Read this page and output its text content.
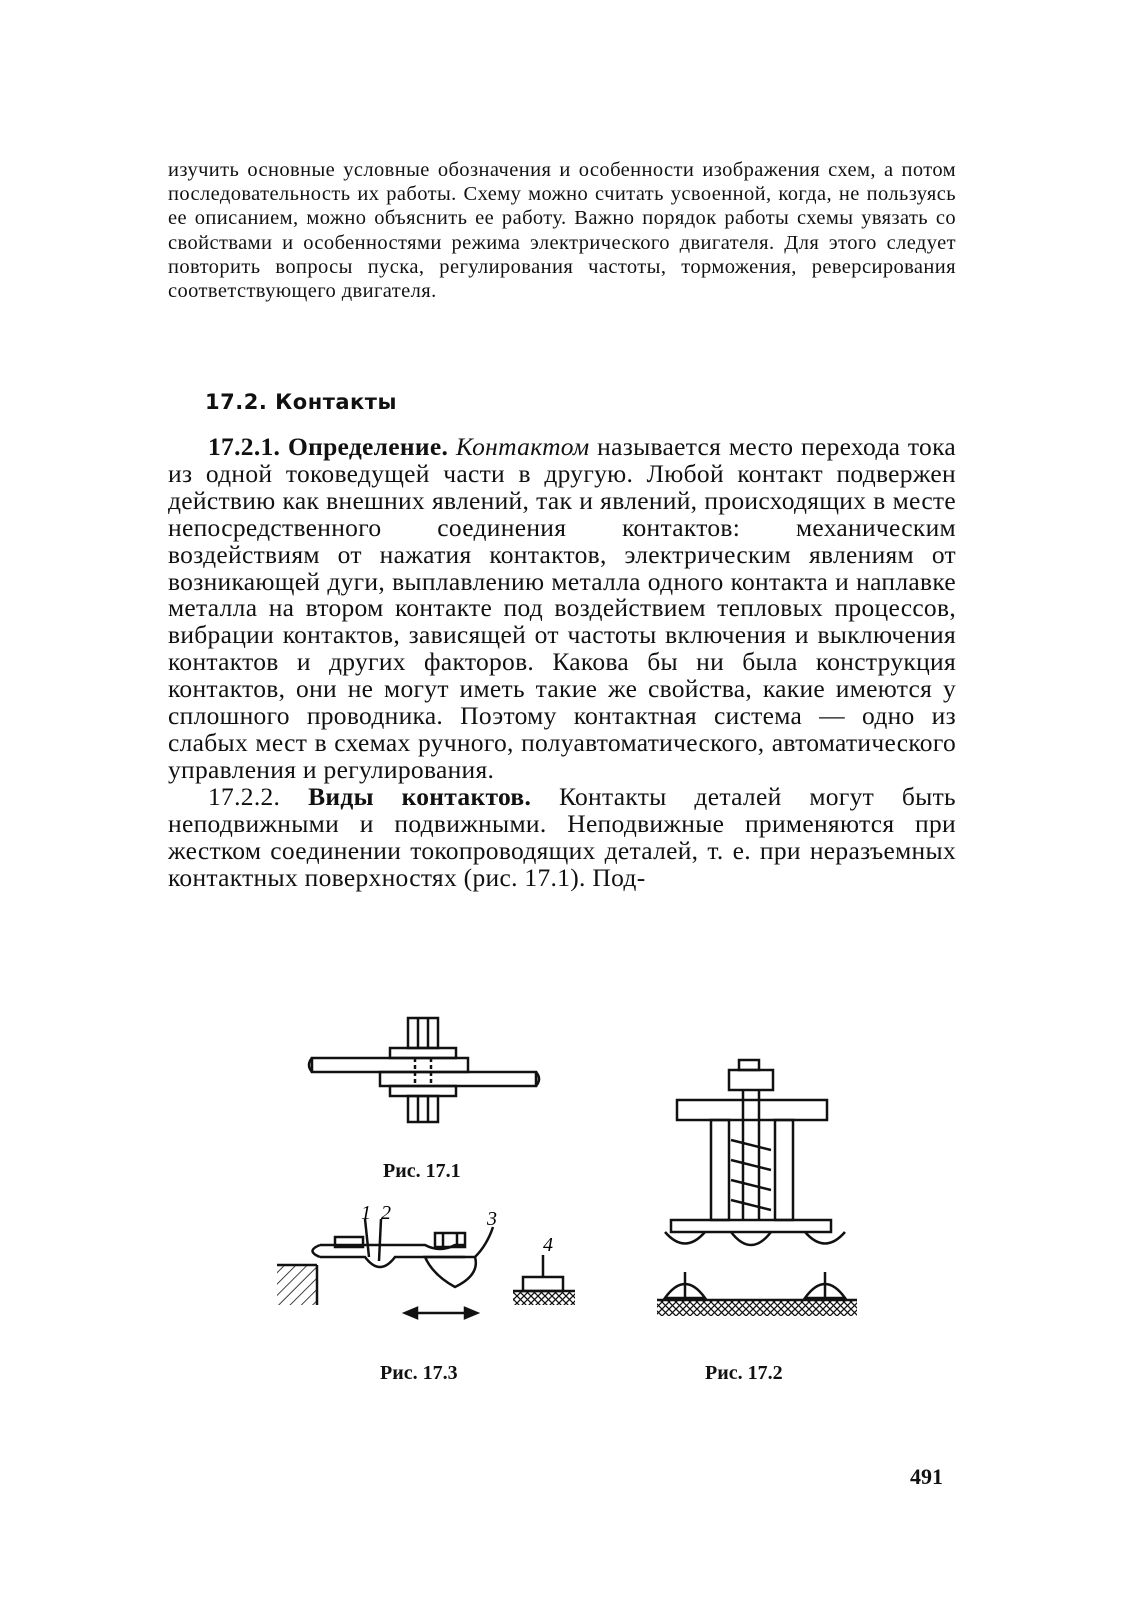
изучить основные условные обозначения и особенности изображения схем, а потом последовательность их работы. Схему можно считать усвоенной, когда, не пользуясь ее описанием, можно объяснить ее работу. Важно порядок работы схемы увязать со свойствами и особенностями режима электрического двигателя. Для этого следует повторить вопросы пуска, регулирования частоты, торможения, реверсирования соответствующего двигателя.

17.2. Контакты

17.2.1. Определение. Контактом называется место перехода тока из одной токоведущей части в другую. Любой контакт подвержен действию как внешних явлений, так и явлений, происходящих в месте непосредственного соединения контактов: механическим воздействиям от нажатия контактов, электрическим явлениям от возникающей дуги, выплавлению металла одного контакта и наплавке металла на втором контакте под воздействием тепловых процессов, вибрации контактов, зависящей от частоты включения и выключения контактов и других факторов. Какова бы ни была конструкция контактов, они не могут иметь такие же свойства, какие имеются у сплошного проводника. Поэтому контактная система — одно из слабых мест в схемах ручного, полуавтоматического, автоматического управления и регулирования.

17.2.2. Виды контактов. Контакты деталей могут быть неподвижными и подвижными. Неподвижные применяются при жестком соединении токопроводящих деталей, т. е. при неразъемных контактных поверхностях (рис. 17.1). Под-

Рис. 17.1
1 2	3
4
Рис. 17.3	Рис. 17.2
491
